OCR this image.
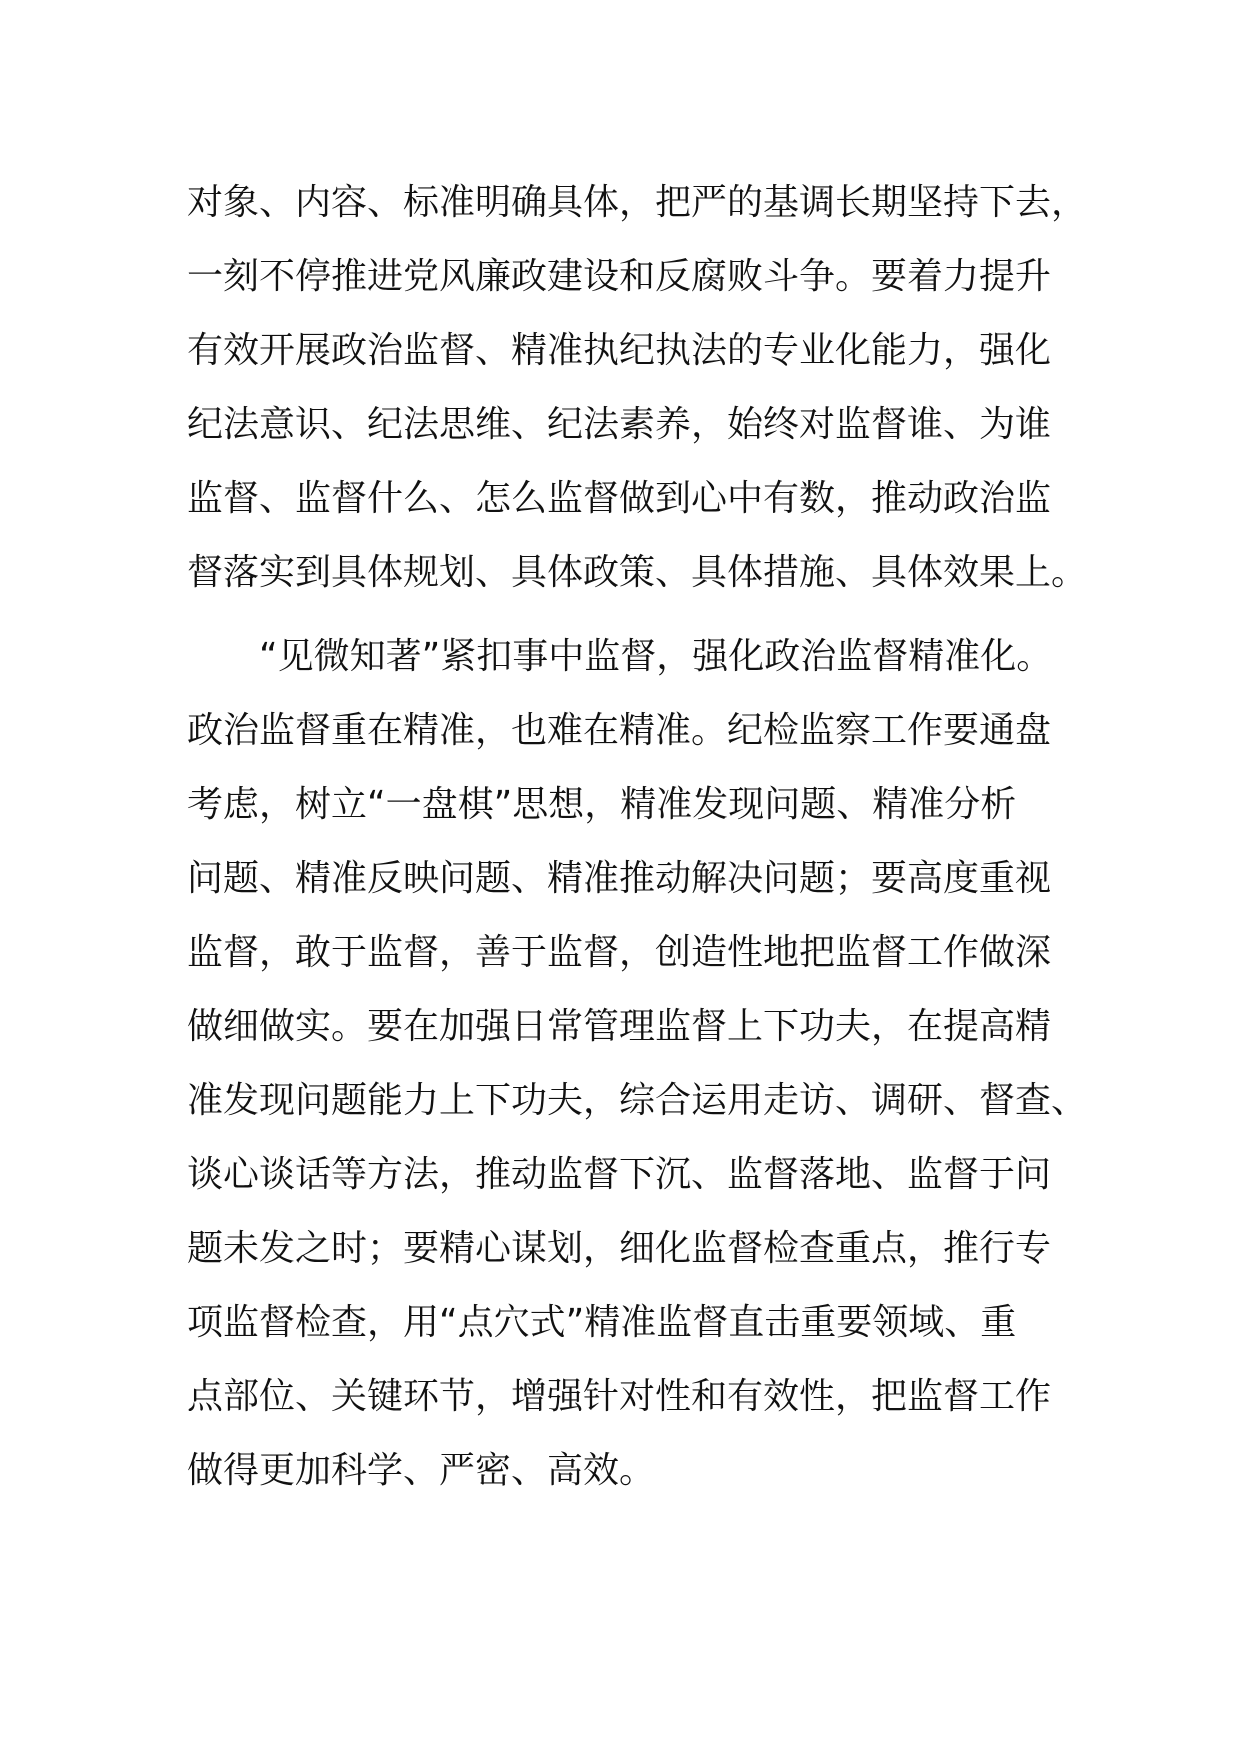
对象、内容、标准明确具体，把严的基调长期坚持下去，
一刻不停推进党风廉政建设和反腐败斗争。要着力提升
有效开展政治监督、精准执纪执法的专业化能力，强化
纪法意识、纪法思维、纪法素养，始终对监督谁、为谁
监督、监督什么、怎么监督做到心中有数，推动政治监
督落实到具体规划、具体政策、具体措施、具体效果上。
　　“见微知著”紧扣事中监督，强化政治监督精准化。
政治监督重在精准，也难在精准。纪检监察工作要通盘
考虑，树立“一盘棋”思想，精准发现问题、精准分析
问题、精准反映问题、精准推动解决问题；要高度重视
监督，敢于监督，善于监督，创造性地把监督工作做深
做细做实。要在加强日常管理监督上下功夫，在提高精
准发现问题能力上下功夫，综合运用走访、调研、督查、
谈心谈话等方法，推动监督下沉、监督落地、监督于问
题未发之时；要精心谋划，细化监督检查重点，推行专
项监督检查，用“点穴式”精准监督直击重要领域、重
点部位、关键环节，增强针对性和有效性，把监督工作
做得更加科学、严密、高效。
